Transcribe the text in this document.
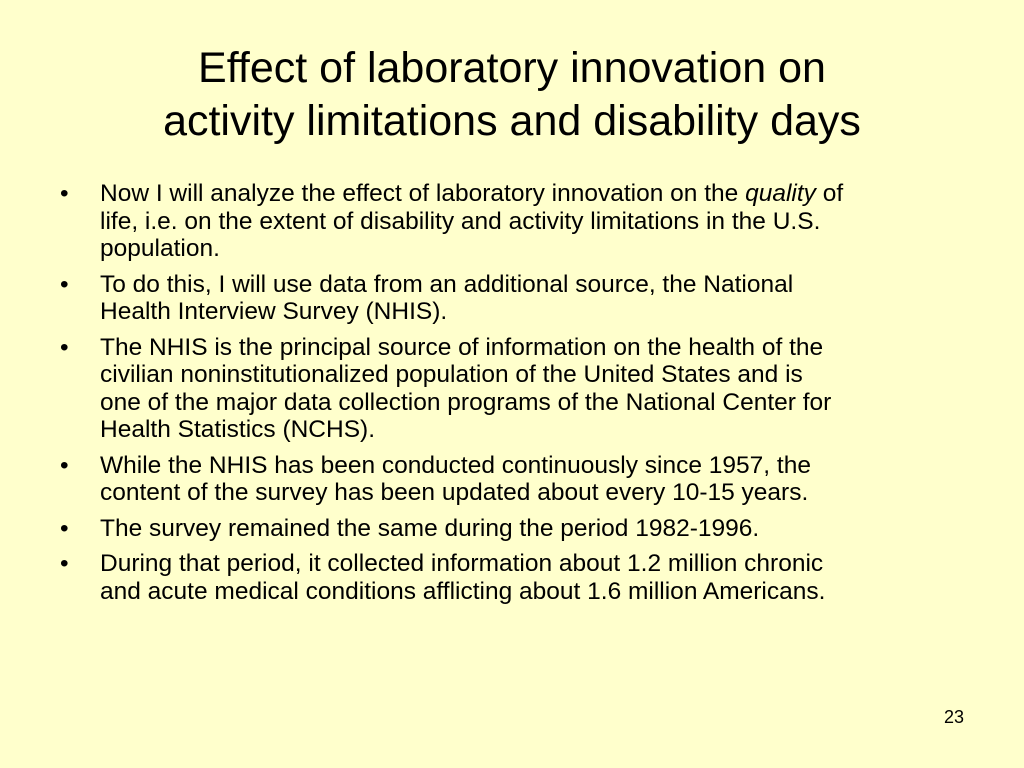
Effect of laboratory innovation on
activity limitations and disability days
•	Now I will analyze the effect of laboratory innovation on the quality of
life, i.e. on the extent of disability and activity limitations in the U.S.
population.
•	To do this, I will use data from an additional source, the National
Health Interview Survey (NHIS).
•	The NHIS is the principal source of information on the health of the
civilian noninstitutionalized population of the United States and is
one of the major data collection programs of the National Center for
Health Statistics (NCHS).
•	While the NHIS has been conducted continuously since 1957, the
content of the survey has been updated about every 10-15 years.
•	The survey remained the same during the period 1982-1996.
•	During that period, it collected information about 1.2 million chronic
and acute medical conditions afflicting about 1.6 million Americans.
23
